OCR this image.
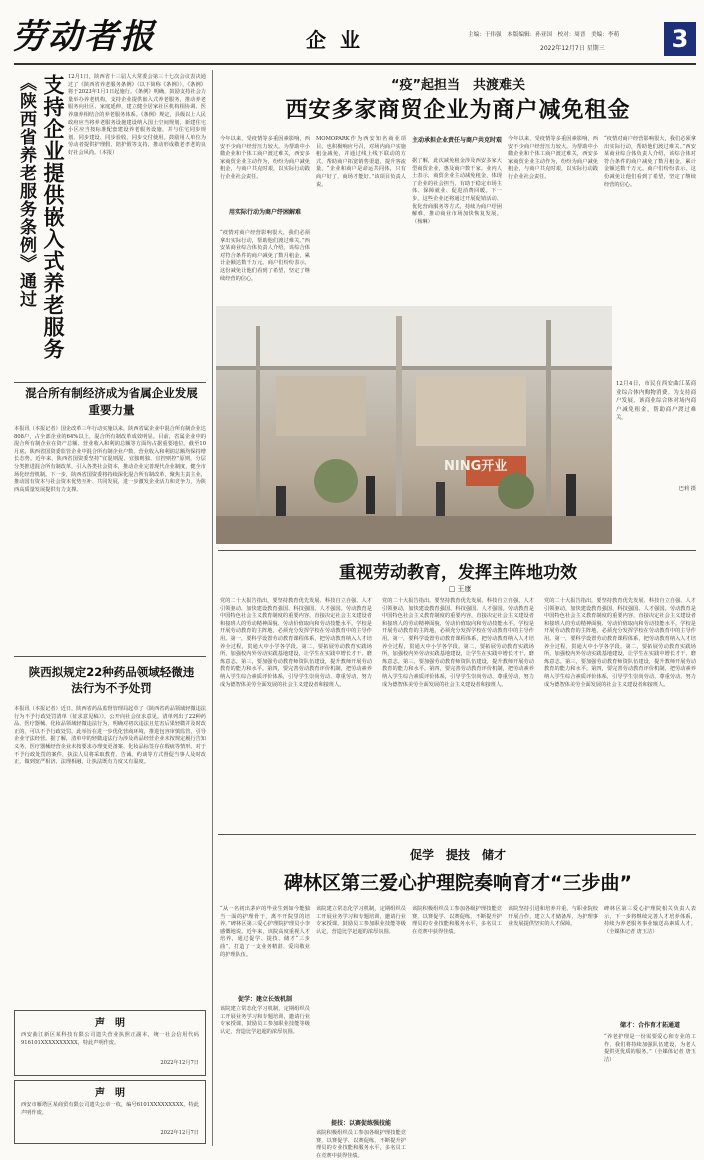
劳动者报	企业	主编：于伟强　本版编辑：孙亚国　校对：周晋　美编：李萌
2022年12月7日 星期三	3
《陕西省养老服务条例》通过 支持企业提供嵌入式养老服务 12月1日，陕西省十三届人大常委会第三十七次会议表决通过了《陕西省养老服务条例》（以下简称《条例》），《条例》将于2023年1月1日起施行。《条例》明确，鼓励支持社会力量举办养老机构，支持企业提供嵌入式养老服务，推动养老服务向社区、家庭延伸，建立健全居家社区机构相协调、医养康养相结合的养老服务体系。《条例》规定，县级以上人民政府应当将养老服务设施建设纳入国土空间规划，新建住宅小区应当按标准配套建设养老服务设施，并与住宅同步规划、同步建设、同步验收、同步交付使用。鼓励用人单位为劳动者提供护理假、陪护假等支持，推动形成敬老孝老的良好社会风尚。（本报）
混合所有制经济成为省属企业发展重要力量
本报讯（本报记者）国企改革三年行动实施以来，陕西省属企业中混合所有制企业达808户，占全部企业的64%以上，混合所有制改革成效明显。目前，省属企业中的混合所有制企业在资产总额、营业收入和利润总额等方面均占据重要地位。截至10月底，陕西省国资委监管企业中混合所有制企业户数、营业收入和利润总额均保持增长态势。近年来，陕西省国资委坚持“宜混则混、宜独则独、宜控则控”原则，分层分类推进混合所有制改革，引入各类社会资本，推动企业完善现代企业制度，健全市场化经营机制。下一步，陕西省国资委将持续深化混合所有制改革，聚焦主责主业，推动国有资本与社会资本优势互补、共同发展，进一步激发企业活力和竞争力，为陕西高质量发展提供有力支撑。
陕西拟规定22种药品领域轻微违法行为不予处罚
本报讯（本报记者）近日，陕西省药品监督管理局起草了《陕西省药品领域轻微违法行为不予行政处罚清单（征求意见稿）》，公开向社会征求意见。清单列出了22种药品、医疗器械、化妆品领域轻微违法行为，明确对初次违法且危害后果轻微并及时改正的，可以不予行政处罚。此举旨在进一步优化营商环境，推进包容审慎监管，引导企业守法经营。据了解，清单中的轻微违法行为涉及药品经营企业未按规定履行告知义务、医疗器械经营企业未按要求办理变更备案、化妆品标签存在瑕疵等情形。对于不予行政处罚的案件，执法人员将采取教育、告诫、约谈等方式督促当事人及时改正，做到宽严相济、法理相融，让执法既有力度又有温度。
声　明
西安曲江新区某科技有限公司遗失营业执照正副本，统一社会信用代码916101XXXXXXXXXX，特此声明作废。
2022年12月7日
声　明
西安市雁塔区某商贸有限公司遗失公章一枚，编号6101XXXXXXXXX，特此声明作废。
2022年12月7日
“疫”起担当　共渡难关
西安多家商贸企业为商户减免租金
今年以来，受疫情等多重因素影响，西安不少商户经营压力较大。为帮助中小微企业和个体工商户渡过难关，西安多家商贸企业主动作为，纷纷为商户减免租金，与商户共克时艰，以实际行动践行企业社会责任。
用实际行动为商户纾困解难
“疫情对商户经营影响很大，我们必须拿出实际行动，帮助他们渡过难关。”西安某商业综合体负责人介绍，该综合体对符合条件的商户减免了数月租金，累计金额达数千万元。商户们纷纷表示，这份减免让他们看到了希望，坚定了继续经营的信心。
MOMOPARK作为西安知名商业项目，也积极响应号召，对场内商户实施租金减免，并通过线上线下联动的方式，帮助商户拓宽销售渠道，提升客流量。“企业和商户是命运共同体，只有商户好了，商场才能好。”该项目负责人说。
主动承担企业责任与商户共克时艰
据了解，此次减免租金涉及西安多家大型商贸企业，惠及商户数千家。业内人士表示，商贸企业主动减免租金，体现了企业的社会担当，有助于稳定市场主体、保障就业、促进消费回暖。下一步，这些企业还将通过开展促销活动、优化营商服务等方式，持续为商户纾困解难，推动商业市场加快恢复发展。（杨琳）
今年以来，受疫情等多重因素影响，西安不少商户经营压力较大。为帮助中小微企业和个体工商户渡过难关，西安多家商贸企业主动作为，纷纷为商户减免租金，与商户共克时艰，以实际行动践行企业社会责任。
“疫情对商户经营影响很大，我们必须拿出实际行动，帮助他们渡过难关。”西安某商业综合体负责人介绍，该综合体对符合条件的商户减免了数月租金，累计金额达数千万元。商户们纷纷表示，这份减免让他们看到了希望，坚定了继续经营的信心。
NING开业
12月4日，市民在西安曲江某商业综合体内购物消费。为支持商户发展，该商业综合体对场内商户减免租金，帮助商户渡过难关。
巴莉 摄
重视劳动教育，发挥主阵地功效
□ 王康
党的二十大报告指出，要坚持教育优先发展、科技自立自强、人才引领驱动，加快建设教育强国、科技强国、人才强国。劳动教育是中国特色社会主义教育制度的重要内容，直接决定社会主义建设者和接班人的劳动精神面貌、劳动价值取向和劳动技能水平。学校是开展劳动教育的主阵地，必须充分发挥学校在劳动教育中的主导作用。第一，要科学设置劳动教育课程体系，把劳动教育纳入人才培养全过程，贯通大中小学各学段。第二，要拓展劳动教育实践场所，加强校内外劳动实践基地建设，让学生在实践中增长才干、磨炼意志。第三，要加强劳动教育师资队伍建设，提升教师开展劳动教育的能力和水平。第四，要完善劳动教育评价机制，把劳动素养纳入学生综合素质评价体系，引导学生崇尚劳动、尊重劳动，努力成为德智体美劳全面发展的社会主义建设者和接班人。
党的二十大报告指出，要坚持教育优先发展、科技自立自强、人才引领驱动，加快建设教育强国、科技强国、人才强国。劳动教育是中国特色社会主义教育制度的重要内容，直接决定社会主义建设者和接班人的劳动精神面貌、劳动价值取向和劳动技能水平。学校是开展劳动教育的主阵地，必须充分发挥学校在劳动教育中的主导作用。第一，要科学设置劳动教育课程体系，把劳动教育纳入人才培养全过程，贯通大中小学各学段。第二，要拓展劳动教育实践场所，加强校内外劳动实践基地建设，让学生在实践中增长才干、磨炼意志。第三，要加强劳动教育师资队伍建设，提升教师开展劳动教育的能力和水平。第四，要完善劳动教育评价机制，把劳动素养纳入学生综合素质评价体系，引导学生崇尚劳动、尊重劳动，努力成为德智体美劳全面发展的社会主义建设者和接班人。
党的二十大报告指出，要坚持教育优先发展、科技自立自强、人才引领驱动，加快建设教育强国、科技强国、人才强国。劳动教育是中国特色社会主义教育制度的重要内容，直接决定社会主义建设者和接班人的劳动精神面貌、劳动价值取向和劳动技能水平。学校是开展劳动教育的主阵地，必须充分发挥学校在劳动教育中的主导作用。第一，要科学设置劳动教育课程体系，把劳动教育纳入人才培养全过程，贯通大中小学各学段。第二，要拓展劳动教育实践场所，加强校内外劳动实践基地建设，让学生在实践中增长才干、磨炼意志。第三，要加强劳动教育师资队伍建设，提升教师开展劳动教育的能力和水平。第四，要完善劳动教育评价机制，把劳动素养纳入学生综合素质评价体系，引导学生崇尚劳动、尊重劳动，努力成为德智体美劳全面发展的社会主义建设者和接班人。
促学　提技　储才
碑林区第三爱心护理院奏响育才“三步曲”
“从一名初出茅庐的毕业生到如今能独当一面的护理骨干，离不开院里的培养。”碑林区第三爱心护理院护理员小李感慨地说。近年来，该院高度重视人才培养，通过促学、提技、储才“三步曲”，打造了一支业务精湛、爱岗敬业的护理队伍。
促学：建立长效机制
该院建立常态化学习机制，定期组织员工开展业务学习和专题培训，邀请行业专家授课，鼓励员工参加职业技能等级认定，营造比学赶超的浓厚氛围。
该院建立常态化学习机制，定期组织员工开展业务学习和专题培训，邀请行业专家授课，鼓励员工参加职业技能等级认定，营造比学赶超的浓厚氛围。
提技：以赛促练强技能
该院积极组织员工参加各级护理技能竞赛，以赛促学、以赛促练，不断提升护理员的专业技能和服务水平，多名员工在竞赛中获得佳绩。
该院积极组织员工参加各级护理技能竞赛，以赛促学、以赛促练，不断提升护理员的专业技能和服务水平，多名员工在竞赛中获得佳绩。
该院坚持引进和培养并重，与职业院校开展合作，建立人才储备库，为护理事业发展提供坚实的人才保障。
碑林区第三爱心护理院相关负责人表示，下一步将继续完善人才培养体系，持续为养老服务事业输送高素质人才。（全媒体记者 唐玉洁）
储才：合作育才拓通道
“养老护理是一份需要爱心和专业的工作，我们将持续加强队伍建设，为老人提供更优质的服务。”（全媒体记者 唐玉洁）
